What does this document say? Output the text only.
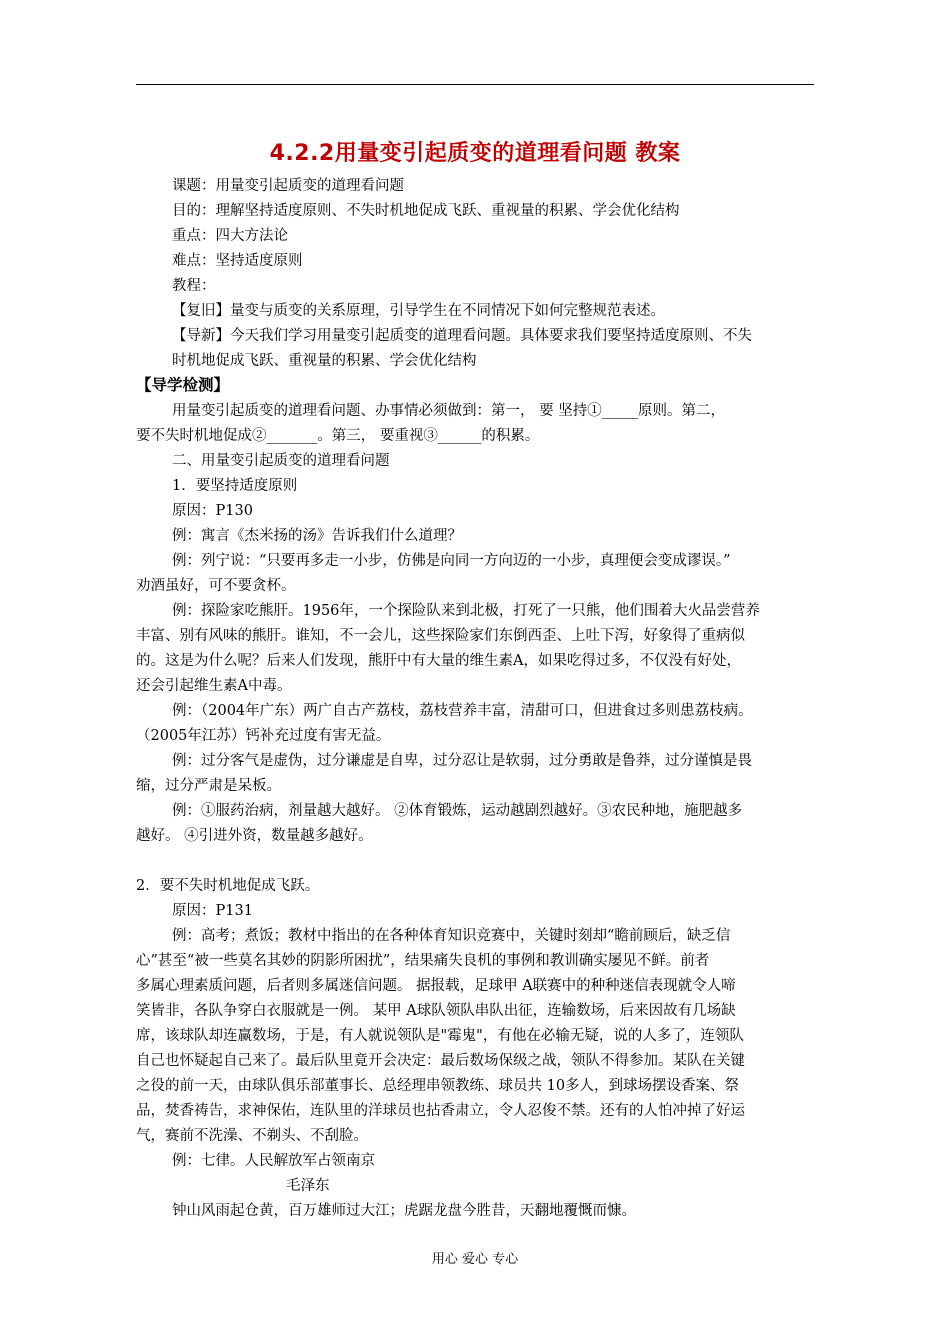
4.2.2用量变引起质变的道理看问题 教案
课题：用量变引起质变的道理看问题
目的：理解坚持适度原则、不失时机地促成飞跃、重视量的积累、学会优化结构
重点：四大方法论
难点：坚持适度原则
教程：
【复旧】量变与质变的关系原理，引导学生在不同情况下如何完整规范表述。
【导新】今天我们学习用量变引起质变的道理看问题。具体要求我们要坚持适度原则、不失
时机地促成飞跃、重视量的积累、学会优化结构
【导学检测】
用量变引起质变的道理看问题、办事情必须做到：第一， 要 坚持①_____原则。第二，
要不失时机地促成②_______。第三， 要重视③______的积累。
二、用量变引起质变的道理看问题
1．要坚持适度原则
原因：P130
例：寓言《杰米扬的汤》告诉我们什么道理？
例：列宁说：“只要再多走一小步，仿佛是向同一方向迈的一小步，真理便会变成谬误。”
劝酒虽好，可不要贪杯。
例：探险家吃熊肝。1956年，一个探险队来到北极，打死了一只熊，他们围着大火品尝营养
丰富、别有风味的熊肝。谁知，不一会儿，这些探险家们东倒西歪、上吐下泻，好象得了重病似
的。这是为什么呢？后来人们发现，熊肝中有大量的维生素A，如果吃得过多，不仅没有好处，
还会引起维生素A中毒。
例：（2004年广东）两广自古产荔枝，荔枝营养丰富，清甜可口，但进食过多则患荔枝病。
（2005年江苏）钙补充过度有害无益。
例：过分客气是虚伪，过分谦虚是自卑，过分忍让是软弱，过分勇敢是鲁莽，过分谨慎是畏
缩，过分严肃是呆板。
例：①服药治病，剂量越大越好。 ②体育锻炼，运动越剧烈越好。③农民种地，施肥越多
越好。 ④引进外资，数量越多越好。
2．要不失时机地促成飞跃。
原因：P131
例：高考；煮饭；教材中指出的在各种体育知识竞赛中，关键时刻却“瞻前顾后，缺乏信
心”甚至“被一些莫名其妙的阴影所困扰”，结果痛失良机的事例和教训确实屡见不鲜。前者
多属心理素质问题，后者则多属迷信问题。 据报载，足球甲 A联赛中的种种迷信表现就令人啼
笑皆非，各队争穿白衣服就是一例。 某甲 A球队领队串队出征，连输数场，后来因故有几场缺
席，该球队却连赢数场，于是，有人就说领队是"霉鬼"，有他在必输无疑，说的人多了，连领队
自己也怀疑起自己来了。最后队里竟开会决定：最后数场保级之战，领队不得参加。某队在关键
之役的前一天，由球队俱乐部董事长、总经理串领教练、球员共 10多人，到球场摆设香案、祭
品，焚香祷告，求神保佑，连队里的洋球员也拈香肃立，令人忍俊不禁。还有的人怕冲掉了好运
气，赛前不洗澡、不剃头、不刮脸。
例：七律。人民解放军占领南京
毛泽东
钟山风雨起仓黄，百万雄师过大江；虎踞龙盘今胜昔，天翻地覆慨而慷。
用心 爱心 专心
